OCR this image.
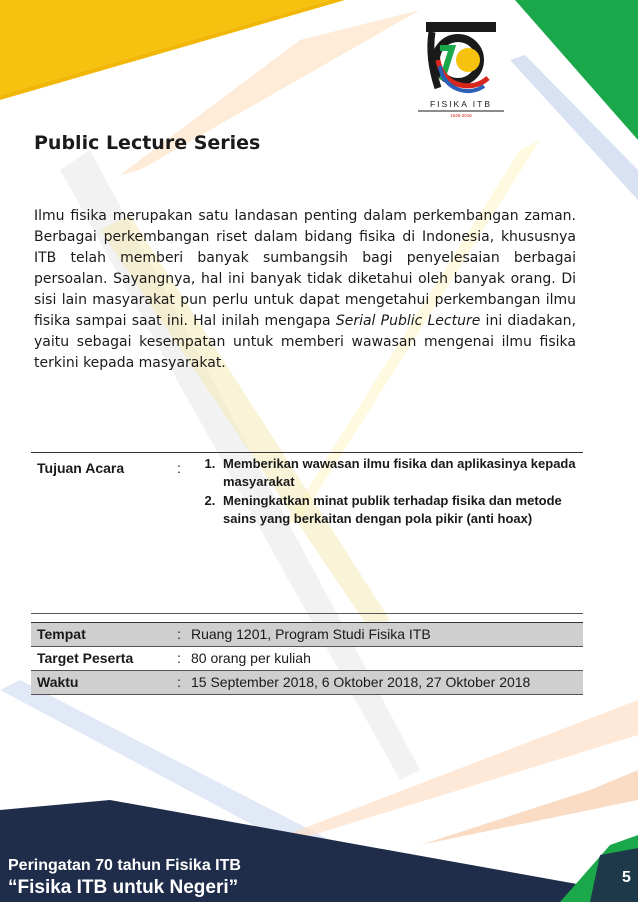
FISIKA ITB
1946-2016
Public Lecture Series
Ilmu fisika merupakan satu landasan penting dalam perkembangan zaman. Berbagai perkembangan riset dalam bidang fisika di Indonesia, khususnya ITB telah memberi banyak sumbangsih bagi penyelesaian berbagai persoalan. Sayangnya, hal ini banyak tidak diketahui oleh banyak orang. Di sisi lain masyarakat pun perlu untuk dapat mengetahui perkembangan ilmu fisika sampai saat ini. Hal inilah mengapa Serial Public Lecture ini diadakan, yaitu sebagai kesempatan untuk memberi wawasan mengenai ilmu fisika terkini kepada masyarakat.
Tujuan Acara	:
1.	Memberikan wawasan ilmu fisika dan aplikasinya kepada masyarakat
2. Meningkatkan minat publik terhadap fisika dan metode sains yang berkaitan dengan pola pikir (anti hoax)
Tempat	: Ruang 1201, Program Studi Fisika ITB
Target Peserta	: 80 orang per kuliah
Waktu	: 15 September 2018, 6 Oktober 2018, 27 Oktober 2018
Peringatan 70 tahun Fisika ITB
“Fisika ITB untuk Negeri”	5
